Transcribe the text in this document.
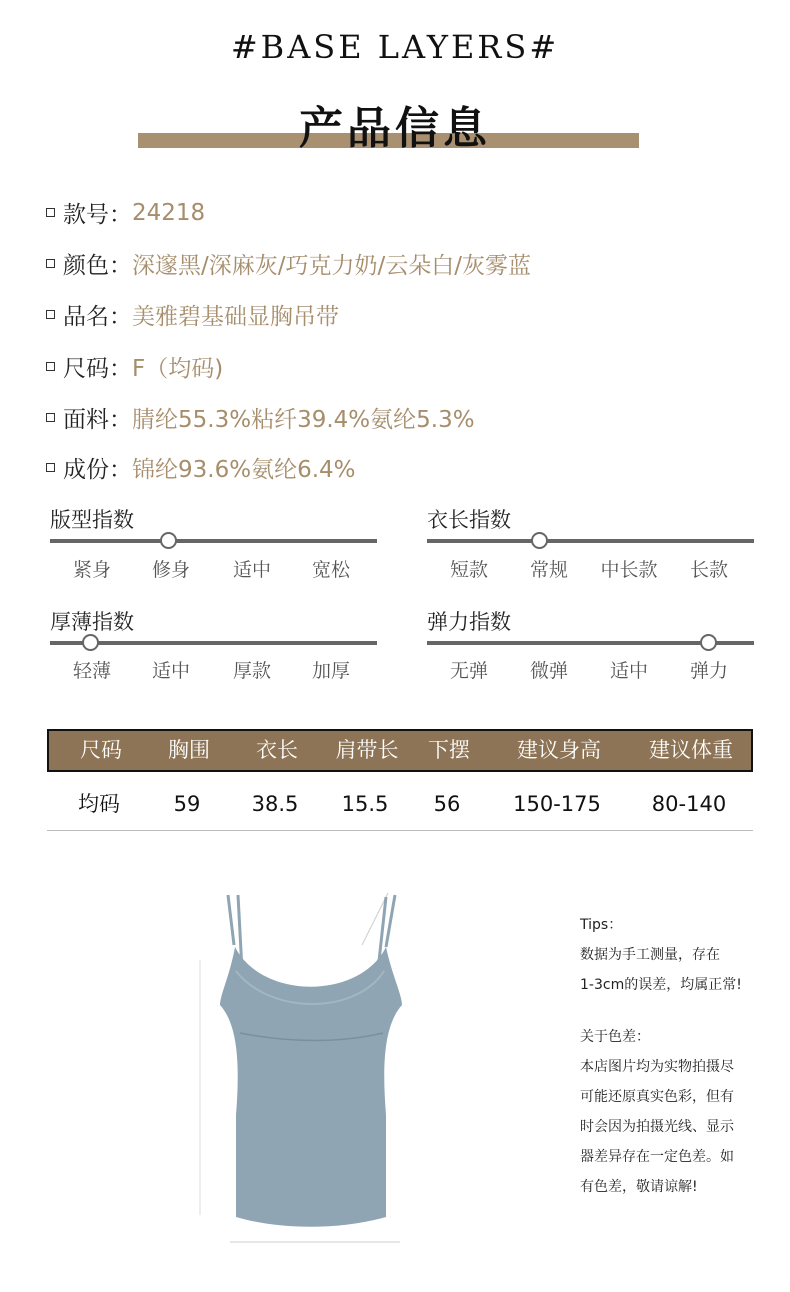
#BASE LAYERS#
产品信息
款号： 24218
颜色： 深邃黑/深麻灰/巧克力奶/云朵白/灰雾蓝
品名： 美雅碧基础显胸吊带
尺码： F（均码)
面料： 腈纶55.3%粘纤39.4%氨纶5.3%
成份： 锦纶93.6%氨纶6.4%
版型指数
紧身	修身	适中	宽松
衣长指数
短款	常规	中长款	长款
厚薄指数
轻薄	适中	厚款	加厚
弹力指数
无弹	微弹	适中	弹力
尺码	胸围	衣长	肩带长	下摆	建议身高	建议体重
均码	59	38.5	15.5	56	150-175	80-140
Tips：
数据为手工测量，存在
1-3cm的误差，均属正常!
关于色差：
本店图片均为实物拍摄尽
可能还原真实色彩，但有
时会因为拍摄光线、显示
器差异存在一定色差。如
有色差，敬请谅解!
